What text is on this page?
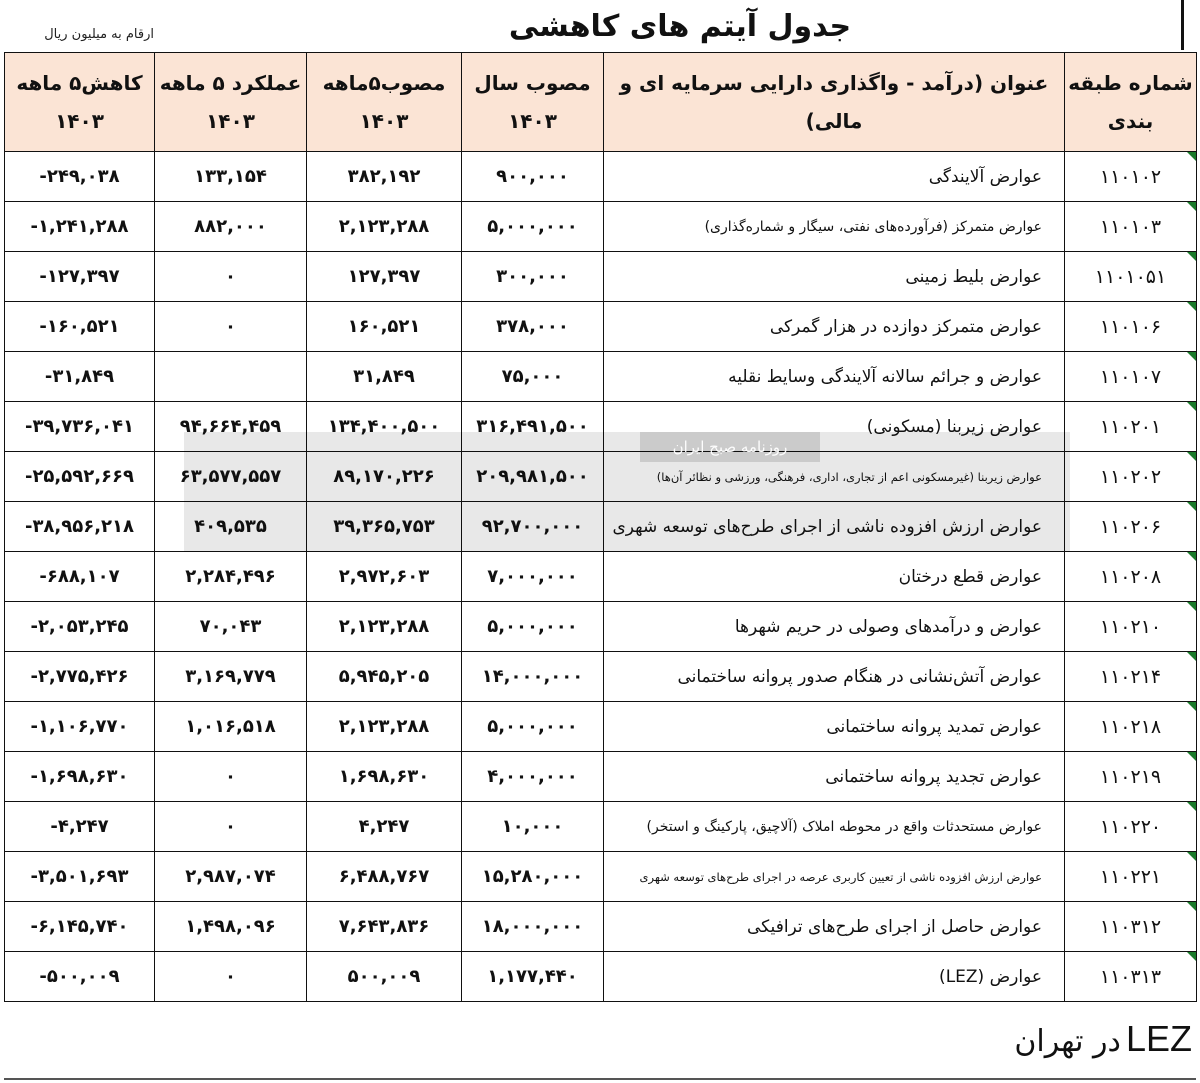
ارقام به میلیون ریال	جدول آیتم های کاهشی
کاهش۵ ماهه ۱۴۰۳	عملکرد ۵ ماهه ۱۴۰۳	مصوب۵ماهه ۱۴۰۳	مصوب سال ۱۴۰۳	عنوان (درآمد - واگذاری دارایی سرمایه ای و مالی)	شماره طبقه بندی
-۲۴۹,۰۳۸	۱۳۳,۱۵۴	۳۸۲,۱۹۲	۹۰۰,۰۰۰	عوارض آلایندگی	۱۱۰۱۰۲

-۱,۲۴۱,۲۸۸	۸۸۲,۰۰۰	۲,۱۲۳,۲۸۸	۵,۰۰۰,۰۰۰	عوارض متمرکز (فرآورده‌های نفتی، سیگار و شماره‌گذاری)	۱۱۰۱۰۳

-۱۲۷,۳۹۷	۰	۱۲۷,۳۹۷	۳۰۰,۰۰۰	عوارض بلیط زمینی	۱۱۰۱۰۵۱

-۱۶۰,۵۲۱	۰	۱۶۰,۵۲۱	۳۷۸,۰۰۰	عوارض متمرکز دوازده در هزار گمرکی	۱۱۰۱۰۶

-۳۱,۸۴۹		۳۱,۸۴۹	۷۵,۰۰۰	عوارض و جرائم سالانه آلایندگی وسایط نقلیه	۱۱۰۱۰۷

-۳۹,۷۳۶,۰۴۱	۹۴,۶۶۴,۴۵۹	۱۳۴,۴۰۰,۵۰۰	۳۱۶,۴۹۱,۵۰۰	عوارض زیربنا (مسکونی)	۱۱۰۲۰۱

-۲۵,۵۹۲,۶۶۹	۶۳,۵۷۷,۵۵۷	۸۹,۱۷۰,۲۲۶	۲۰۹,۹۸۱,۵۰۰	عوارض زیربنا (غیرمسکونی اعم از تجاری، اداری، فرهنگی، ورزشی و نظائر آن‌ها)	۱۱۰۲۰۲

-۳۸,۹۵۶,۲۱۸	۴۰۹,۵۳۵	۳۹,۳۶۵,۷۵۳	۹۲,۷۰۰,۰۰۰	عوارض ارزش افزوده ناشی از اجرای طرح‌های توسعه شهری	۱۱۰۲۰۶

-۶۸۸,۱۰۷	۲,۲۸۴,۴۹۶	۲,۹۷۲,۶۰۳	۷,۰۰۰,۰۰۰	عوارض قطع درختان	۱۱۰۲۰۸

-۲,۰۵۳,۲۴۵	۷۰,۰۴۳	۲,۱۲۳,۲۸۸	۵,۰۰۰,۰۰۰	عوارض و درآمدهای وصولی در حریم شهرها	۱۱۰۲۱۰

-۲,۷۷۵,۴۲۶	۳,۱۶۹,۷۷۹	۵,۹۴۵,۲۰۵	۱۴,۰۰۰,۰۰۰	عوارض آتش‌نشانی در هنگام صدور پروانه ساختمانی	۱۱۰۲۱۴

-۱,۱۰۶,۷۷۰	۱,۰۱۶,۵۱۸	۲,۱۲۳,۲۸۸	۵,۰۰۰,۰۰۰	عوارض تمدید پروانه ساختمانی	۱۱۰۲۱۸

-۱,۶۹۸,۶۳۰	۰	۱,۶۹۸,۶۳۰	۴,۰۰۰,۰۰۰	عوارض تجدید پروانه ساختمانی	۱۱۰۲۱۹

-۴,۲۴۷	۰	۴,۲۴۷	۱۰,۰۰۰	عوارض مستحدثات واقع در محوطه املاک (آلاچیق، پارکینگ و استخر)	۱۱۰۲۲۰

-۳,۵۰۱,۶۹۳	۲,۹۸۷,۰۷۴	۶,۴۸۸,۷۶۷	۱۵,۲۸۰,۰۰۰	عوارض ارزش افزوده ناشی از تعیین کاربری عرصه در اجرای طرح‌های توسعه شهری	۱۱۰۲۲۱

-۶,۱۴۵,۷۴۰	۱,۴۹۸,۰۹۶	۷,۶۴۳,۸۳۶	۱۸,۰۰۰,۰۰۰	عوارض حاصل از اجرای طرح‌های ترافیکی	۱۱۰۳۱۲

-۵۰۰,۰۰۹	۰	۵۰۰,۰۰۹	۱,۱۷۷,۴۴۰	عوارض (LEZ)	۱۱۰۳۱۳
روزنامه صبح ایران
LEZ در تهران
